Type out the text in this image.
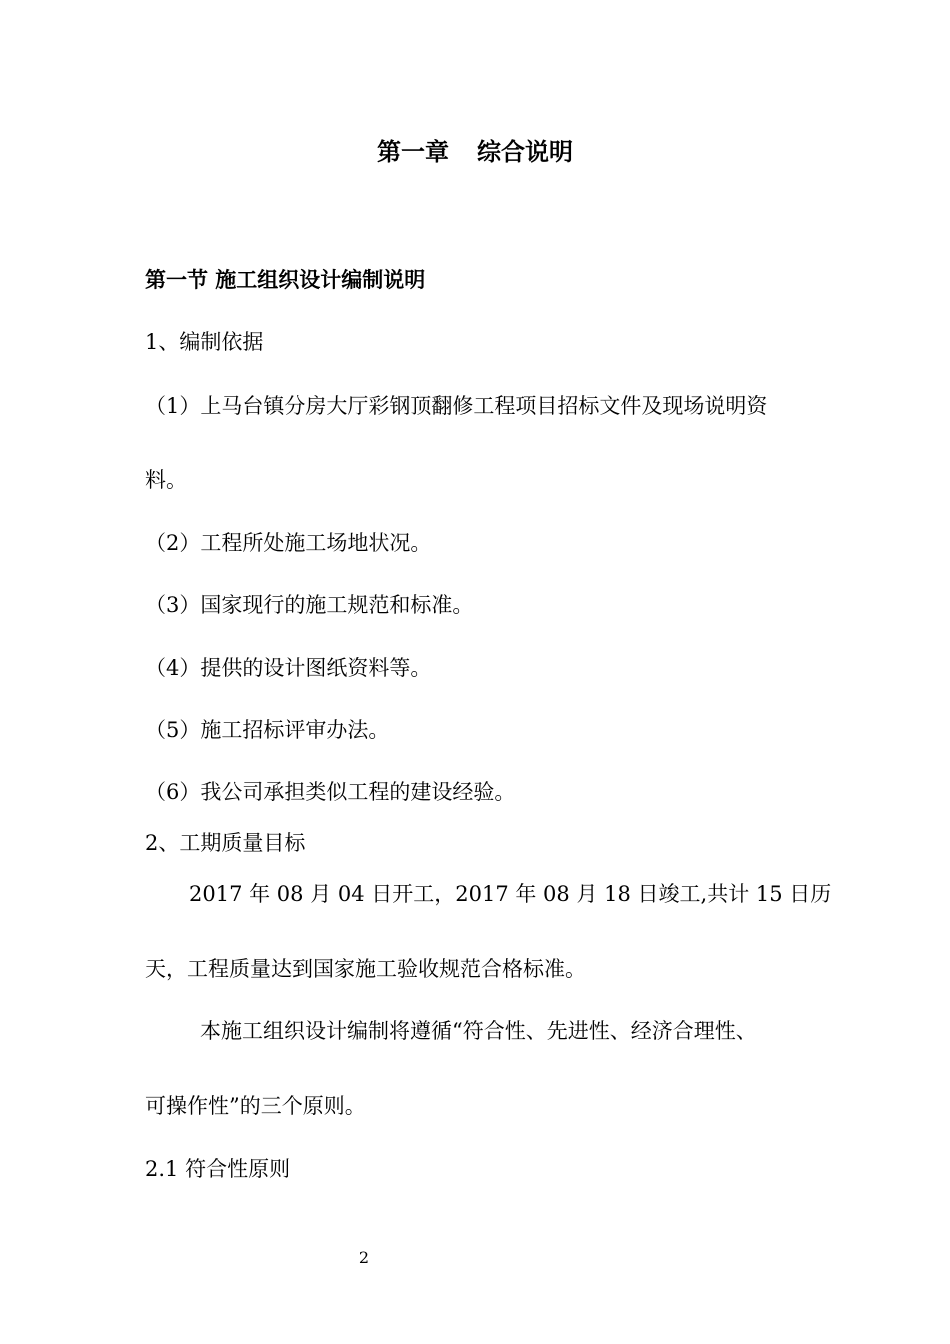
第一章 综合说明
第一节 施工组织设计编制说明
1、编制依据
（1）上马台镇分房大厅彩钢顶翻修工程项目招标文件及现场说明资
料。
（2）工程所处施工场地状况。
（3）国家现行的施工规范和标准。
（4）提供的设计图纸资料等。
（5）施工招标评审办法。
（6）我公司承担类似工程的建设经验。
2、工期质量目标
2017 年 08 月 04 日开工，2017 年 08 月 18 日竣工,共计 15 日历
天，工程质量达到国家施工验收规范合格标准。
本施工组织设计编制将遵循“符合性、先进性、经济合理性、
可操作性”的三个原则。
2.1 符合性原则
2
